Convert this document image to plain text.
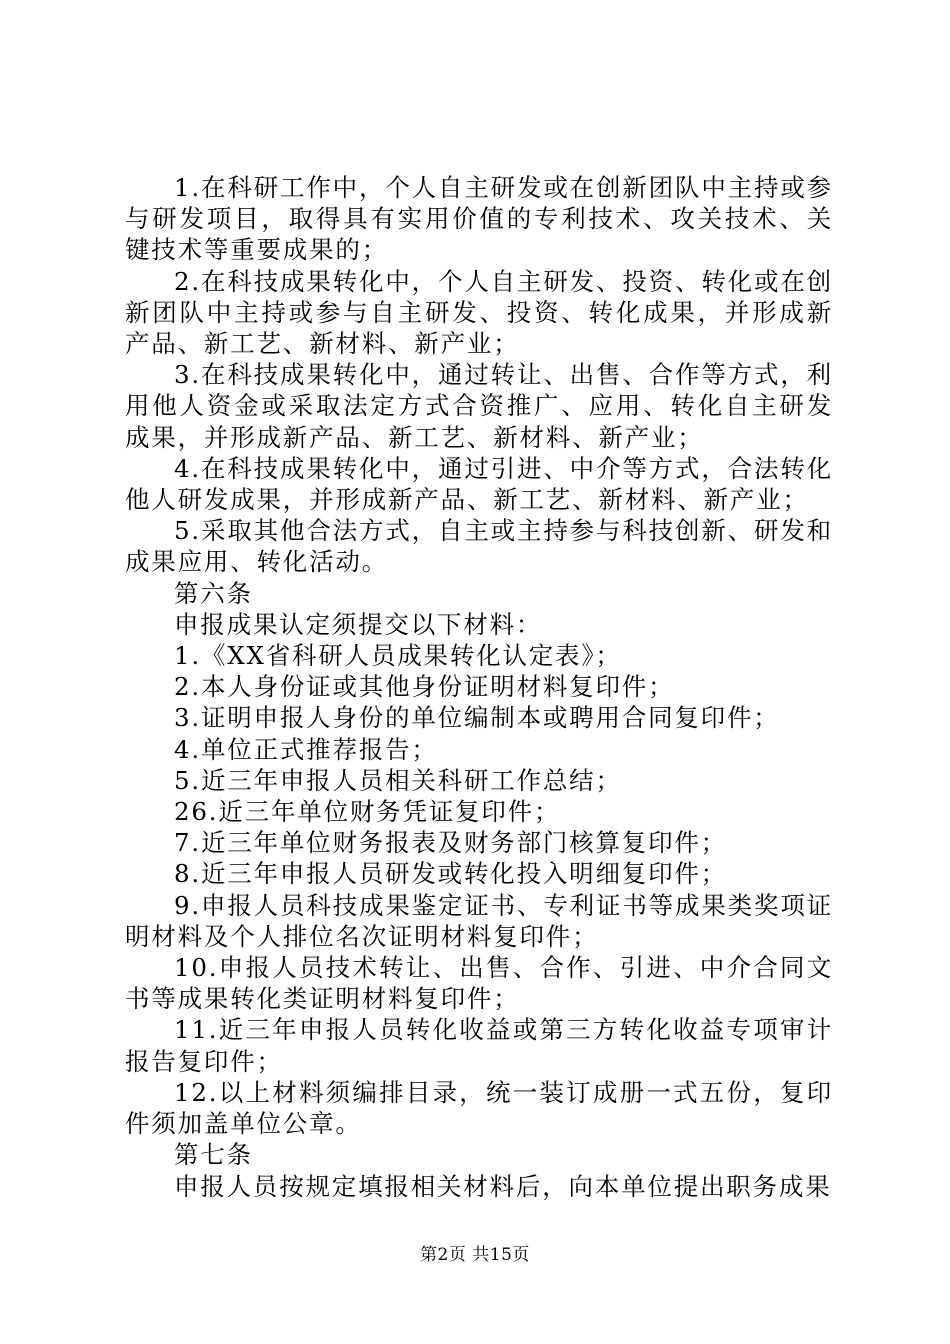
1.在科研工作中，个人自主研发或在创新团队中主持或参与研发项目，取得具有实用价值的专利技术、攻关技术、关键技术等重要成果的；

2.在科技成果转化中，个人自主研发、投资、转化或在创新团队中主持或参与自主研发、投资、转化成果，并形成新产品、新工艺、新材料、新产业；

3.在科技成果转化中，通过转让、出售、合作等方式，利用他人资金或采取法定方式合资推广、应用、转化自主研发成果，并形成新产品、新工艺、新材料、新产业；

4.在科技成果转化中，通过引进、中介等方式，合法转化他人研发成果，并形成新产品、新工艺、新材料、新产业；

5.采取其他合法方式，自主或主持参与科技创新、研发和成果应用、转化活动。

第六条

申报成果认定须提交以下材料：

1.《XX省科研人员成果转化认定表》；

2.本人身份证或其他身份证明材料复印件；

3.证明申报人身份的单位编制本或聘用合同复印件；

4.单位正式推荐报告；

5.近三年申报人员相关科研工作总结；

26.近三年单位财务凭证复印件；

7.近三年单位财务报表及财务部门核算复印件；

8.近三年申报人员研发或转化投入明细复印件；

9.申报人员科技成果鉴定证书、专利证书等成果类奖项证明材料及个人排位名次证明材料复印件；

10.申报人员技术转让、出售、合作、引进、中介合同文书等成果转化类证明材料复印件；

11.近三年申报人员转化收益或第三方转化收益专项审计报告复印件；

12.以上材料须编排目录，统一装订成册一式五份，复印件须加盖单位公章。

第七条

申报人员按规定填报相关材料后，向本单位提出职务成果

第2页 共15页
